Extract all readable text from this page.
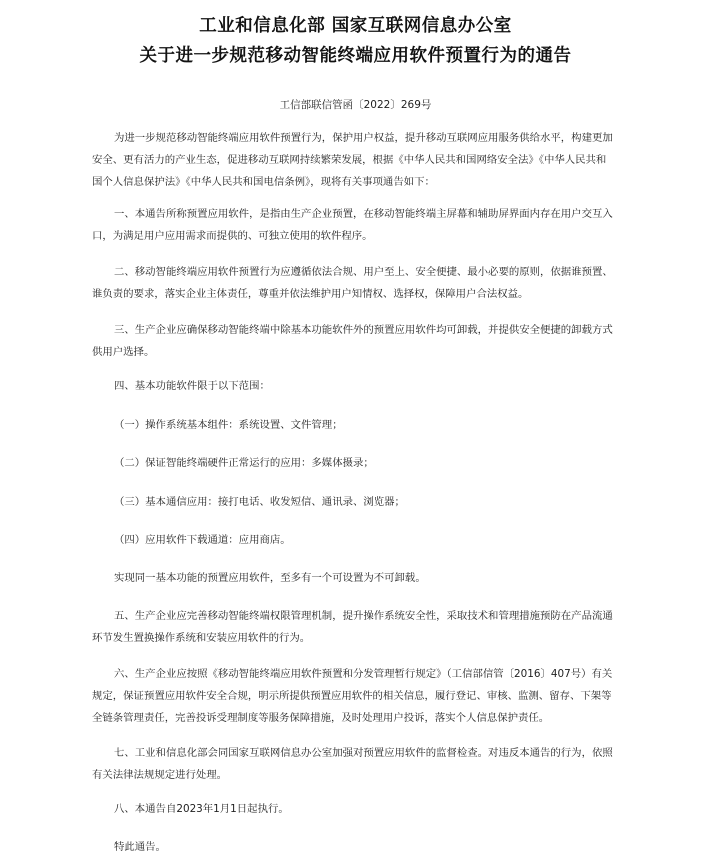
工业和信息化部 国家互联网信息办公室
关于进一步规范移动智能终端应用软件预置行为的通告
工信部联信管函〔2022〕269号
为进一步规范移动智能终端应用软件预置行为，保护用户权益，提升移动互联网应用服务供给水平，构建更加
安全、更有活力的产业生态，促进移动互联网持续繁荣发展，根据《中华人民共和国网络安全法》《中华人民共和
国个人信息保护法》《中华人民共和国电信条例》，现将有关事项通告如下：
一、本通告所称预置应用软件，是指由生产企业预置，在移动智能终端主屏幕和辅助屏界面内存在用户交互入
口，为满足用户应用需求而提供的、可独立使用的软件程序。
二、移动智能终端应用软件预置行为应遵循依法合规、用户至上、安全便捷、最小必要的原则，依据谁预置、
谁负责的要求，落实企业主体责任，尊重并依法维护用户知情权、选择权，保障用户合法权益。
三、生产企业应确保移动智能终端中除基本功能软件外的预置应用软件均可卸载，并提供安全便捷的卸载方式
供用户选择。
四、基本功能软件限于以下范围：
（一）操作系统基本组件：系统设置、文件管理；
（二）保证智能终端硬件正常运行的应用：多媒体摄录；
（三）基本通信应用：接打电话、收发短信、通讯录、浏览器；
（四）应用软件下载通道：应用商店。
实现同一基本功能的预置应用软件，至多有一个可设置为不可卸载。
五、生产企业应完善移动智能终端权限管理机制，提升操作系统安全性，采取技术和管理措施预防在产品流通
环节发生置换操作系统和安装应用软件的行为。
六、生产企业应按照《移动智能终端应用软件预置和分发管理暂行规定》（工信部信管〔2016〕407号）有关
规定，保证预置应用软件安全合规，明示所提供预置应用软件的相关信息，履行登记、审核、监测、留存、下架等
全链条管理责任，完善投诉受理制度等服务保障措施，及时处理用户投诉，落实个人信息保护责任。
七、工业和信息化部会同国家互联网信息办公室加强对预置应用软件的监督检查。对违反本通告的行为，依照
有关法律法规规定进行处理。
八、本通告自2023年1月1日起执行。
特此通告。
